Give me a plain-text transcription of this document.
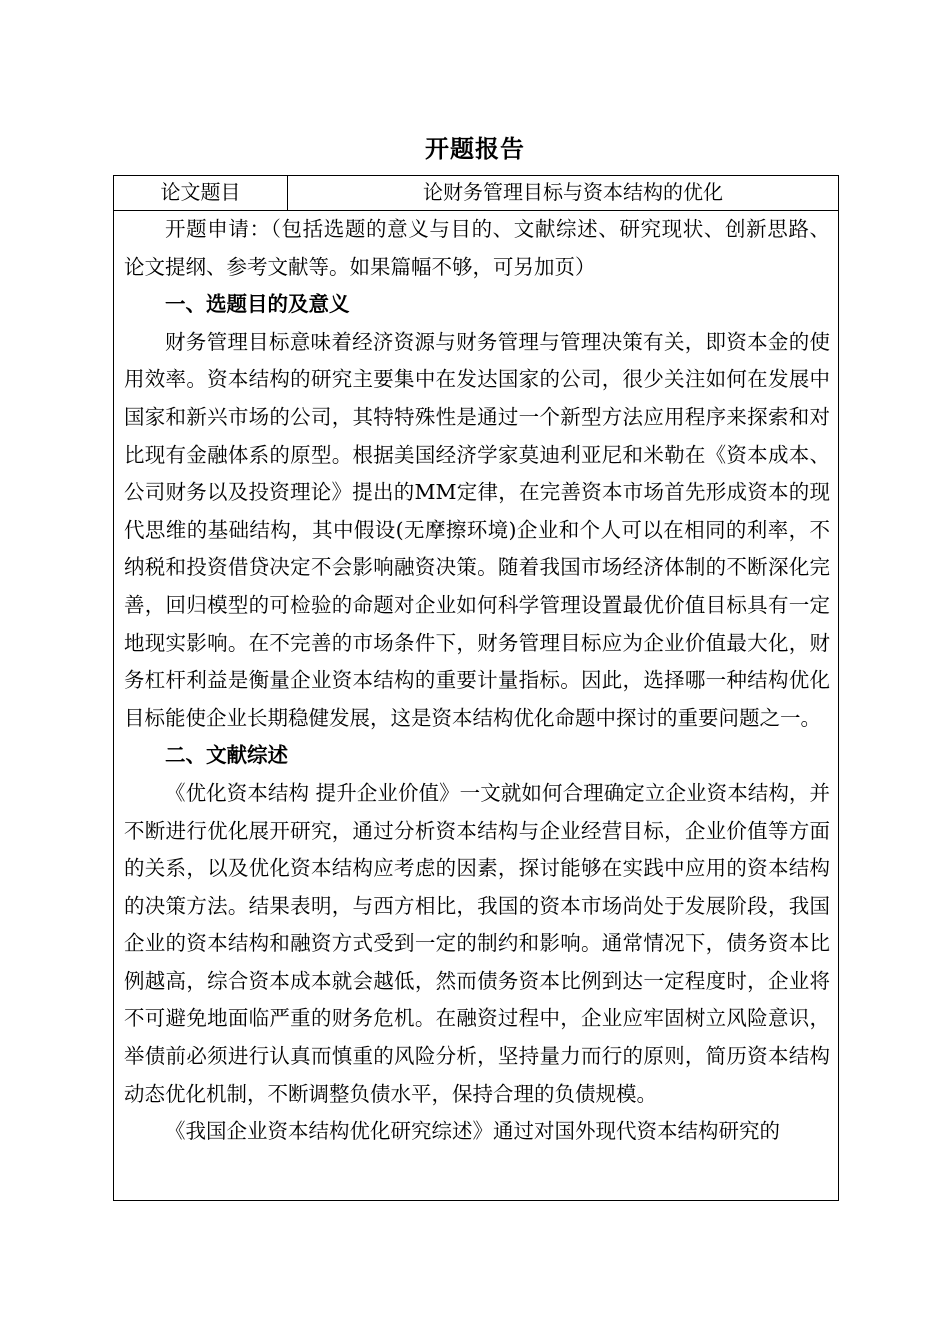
开题报告
论文题目	论财务管理目标与资本结构的优化

开题申请：（包括选题的意义与目的、文献综述、研究现状、创新思路、论文提纲、参考文献等。如果篇幅不够，可另加页）

一、选题目的及意义

财务管理目标意味着经济资源与财务管理与管理决策有关，即资本金的使用效率。资本结构的研究主要集中在发达国家的公司，很少关注如何在发展中国家和新兴市场的公司，其特特殊性是通过一个新型方法应用程序来探索和对比现有金融体系的原型。根据美国经济学家莫迪利亚尼和米勒在《资本成本、公司财务以及投资理论》提出的MM定律，在完善资本市场首先形成资本的现代思维的基础结构，其中假设(无摩擦环境)企业和个人可以在相同的利率，不纳税和投资借贷决定不会影响融资决策。随着我国市场经济体制的不断深化完善，回归模型的可检验的命题对企业如何科学管理设置最优价值目标具有一定地现实影响。在不完善的市场条件下，财务管理目标应为企业价值最大化，财务杠杆利益是衡量企业资本结构的重要计量指标。因此，选择哪一种结构优化目标能使企业长期稳健发展，这是资本结构优化命题中探讨的重要问题之一。

二、文献综述

《优化资本结构 提升企业价值》一文就如何合理确定立企业资本结构，并不断进行优化展开研究，通过分析资本结构与企业经营目标，企业价值等方面的关系，以及优化资本结构应考虑的因素，探讨能够在实践中应用的资本结构的决策方法。结果表明，与西方相比，我国的资本市场尚处于发展阶段，我国企业的资本结构和融资方式受到一定的制约和影响。通常情况下，债务资本比例越高，综合资本成本就会越低，然而债务资本比例到达一定程度时，企业将不可避免地面临严重的财务危机。在融资过程中，企业应牢固树立风险意识，举债前必须进行认真而慎重的风险分析，坚持量力而行的原则，简历资本结构动态优化机制，不断调整负债水平，保持合理的负债规模。

《我国企业资本结构优化研究综述》通过对国外现代资本结构研究的
